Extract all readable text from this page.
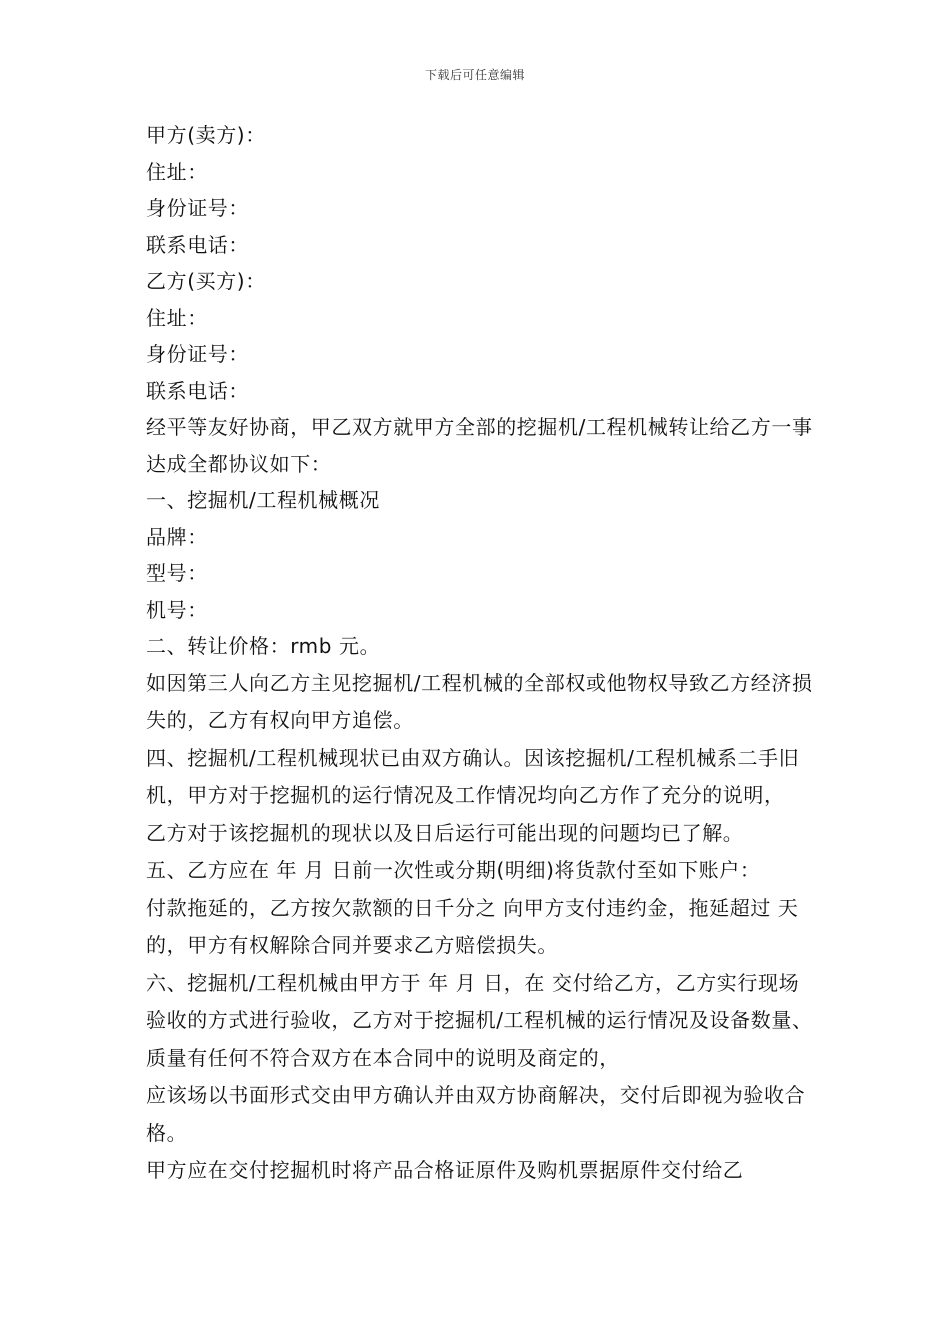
下载后可任意编辑

甲方(卖方)：

住址：

身份证号：

联系电话：

乙方(买方)：

住址：

身份证号：

联系电话：

经平等友好协商，甲乙双方就甲方全部的挖掘机/工程机械转让给乙方一事达成全都协议如下：

一、挖掘机/工程机械概况

品牌：

型号：

机号：

二、转让价格：rmb 元。

如因第三人向乙方主见挖掘机/工程机械的全部权或他物权导致乙方经济损失的，乙方有权向甲方追偿。

四、挖掘机/工程机械现状已由双方确认。因该挖掘机/工程机械系二手旧机，甲方对于挖掘机的运行情况及工作情况均向乙方作了充分的说明，

乙方对于该挖掘机的现状以及日后运行可能出现的问题均已了解。

五、乙方应在 年 月 日前一次性或分期(明细)将货款付至如下账户：

付款拖延的，乙方按欠款额的日千分之 向甲方支付违约金，拖延超过 天的，甲方有权解除合同并要求乙方赔偿损失。

六、挖掘机/工程机械由甲方于 年 月 日，在 交付给乙方，乙方实行现场验收的方式进行验收，乙方对于挖掘机/工程机械的运行情况及设备数量、质量有任何不符合双方在本合同中的说明及商定的，

应该场以书面形式交由甲方确认并由双方协商解决，交付后即视为验收合格。

甲方应在交付挖掘机时将产品合格证原件及购机票据原件交付给乙
